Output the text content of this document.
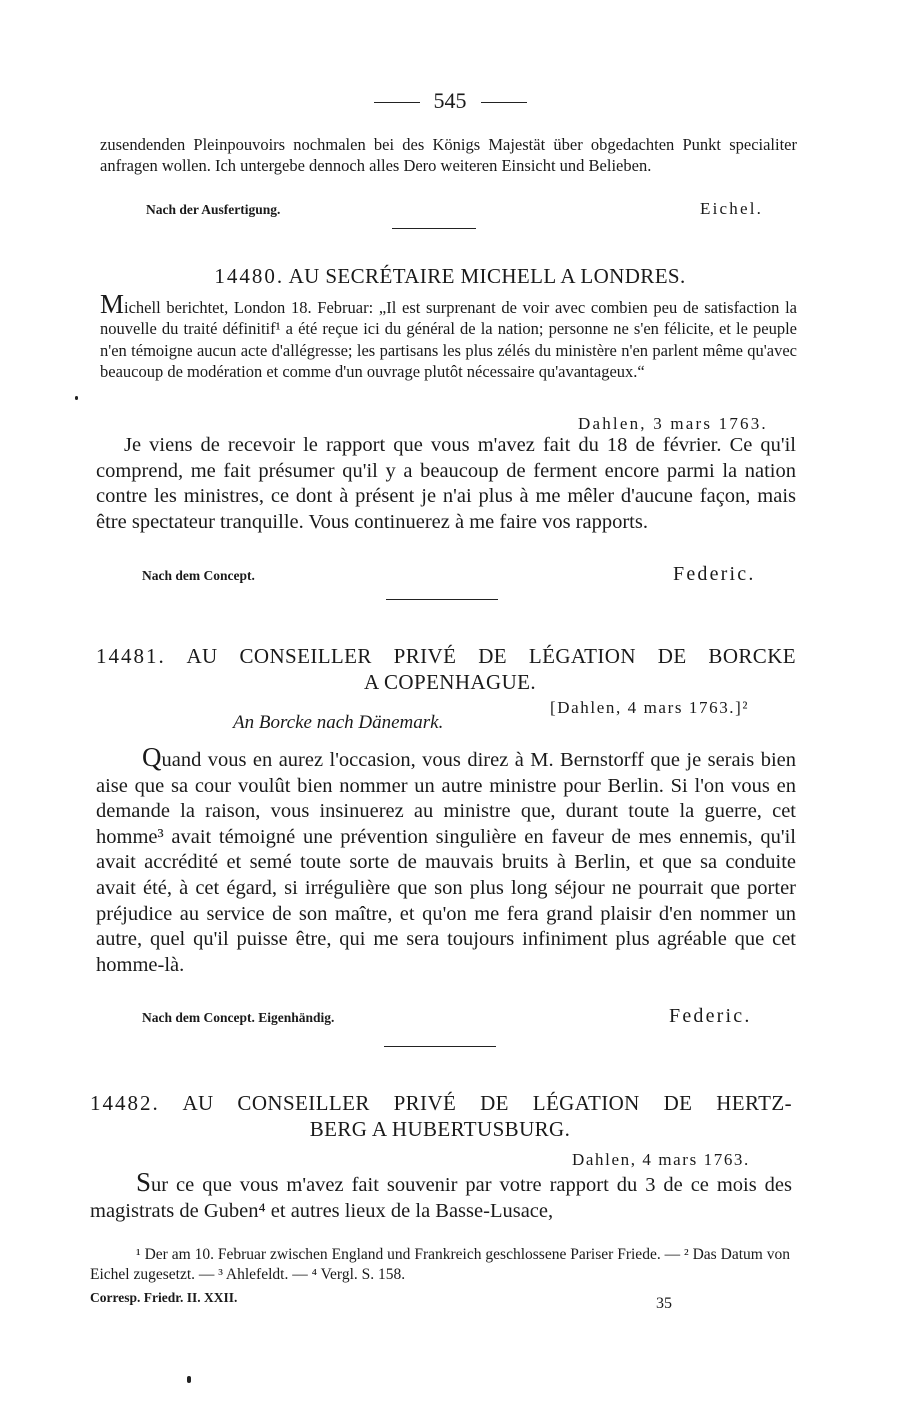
545
zusendenden Pleinpouvoirs nochmalen bei des Königs Majestät über obgedachten Punkt specialiter anfragen wollen. Ich untergebe dennoch alles Dero weiteren Einsicht und Belieben.
Nach der Ausfertigung.	Eichel.
14480. AU SECRÉTAIRE MICHELL A LONDRES.
Michell berichtet, London 18. Februar: „Il est surprenant de voir avec combien peu de satisfaction la nouvelle du traité définitif¹ a été reçue ici du général de la nation; personne ne s'en félicite, et le peuple n'en témoigne aucun acte d'allégresse; les partisans les plus zélés du ministère n'en parlent même qu'avec beaucoup de modération et comme d'un ouvrage plutôt nécessaire qu'avantageux.“
Dahlen, 3 mars 1763.
Je viens de recevoir le rapport que vous m'avez fait du 18 de février. Ce qu'il comprend, me fait présumer qu'il y a beaucoup de ferment encore parmi la nation contre les ministres, ce dont à présent je n'ai plus à me mêler d'aucune façon, mais être spectateur tranquille. Vous continuerez à me faire vos rapports.
Nach dem Concept.	Federic.
14481. AU CONSEILLER PRIVÉ DE LÉGATION DE BORCKE
A COPENHAGUE.
[Dahlen, 4 mars 1763.]²
An Borcke nach Dänemark.
Quand vous en aurez l'occasion, vous direz à M. Bernstorff que je serais bien aise que sa cour voulût bien nommer un autre ministre pour Berlin. Si l'on vous en demande la raison, vous insinuerez au ministre que, durant toute la guerre, cet homme³ avait témoigné une prévention singulière en faveur de mes ennemis, qu'il avait accrédité et semé toute sorte de mauvais bruits à Berlin, et que sa conduite avait été, à cet égard, si irrégulière que son plus long séjour ne pourrait que porter préjudice au service de son maître, et qu'on me fera grand plaisir d'en nommer un autre, quel qu'il puisse être, qui me sera toujours infiniment plus agréable que cet homme-là.
Nach dem Concept. Eigenhändig.	Federic.
14482. AU CONSEILLER PRIVÉ DE LÉGATION DE HERTZ-
BERG A HUBERTUSBURG.
Dahlen, 4 mars 1763.
Sur ce que vous m'avez fait souvenir par votre rapport du 3 de ce mois des magistrats de Guben⁴ et autres lieux de la Basse-Lusace,
¹ Der am 10. Februar zwischen England und Frankreich geschlossene Pariser Friede. — ² Das Datum von Eichel zugesetzt. — ³ Ahlefeldt. — ⁴ Vergl. S. 158.
Corresp. Friedr. II. XXII.	35
